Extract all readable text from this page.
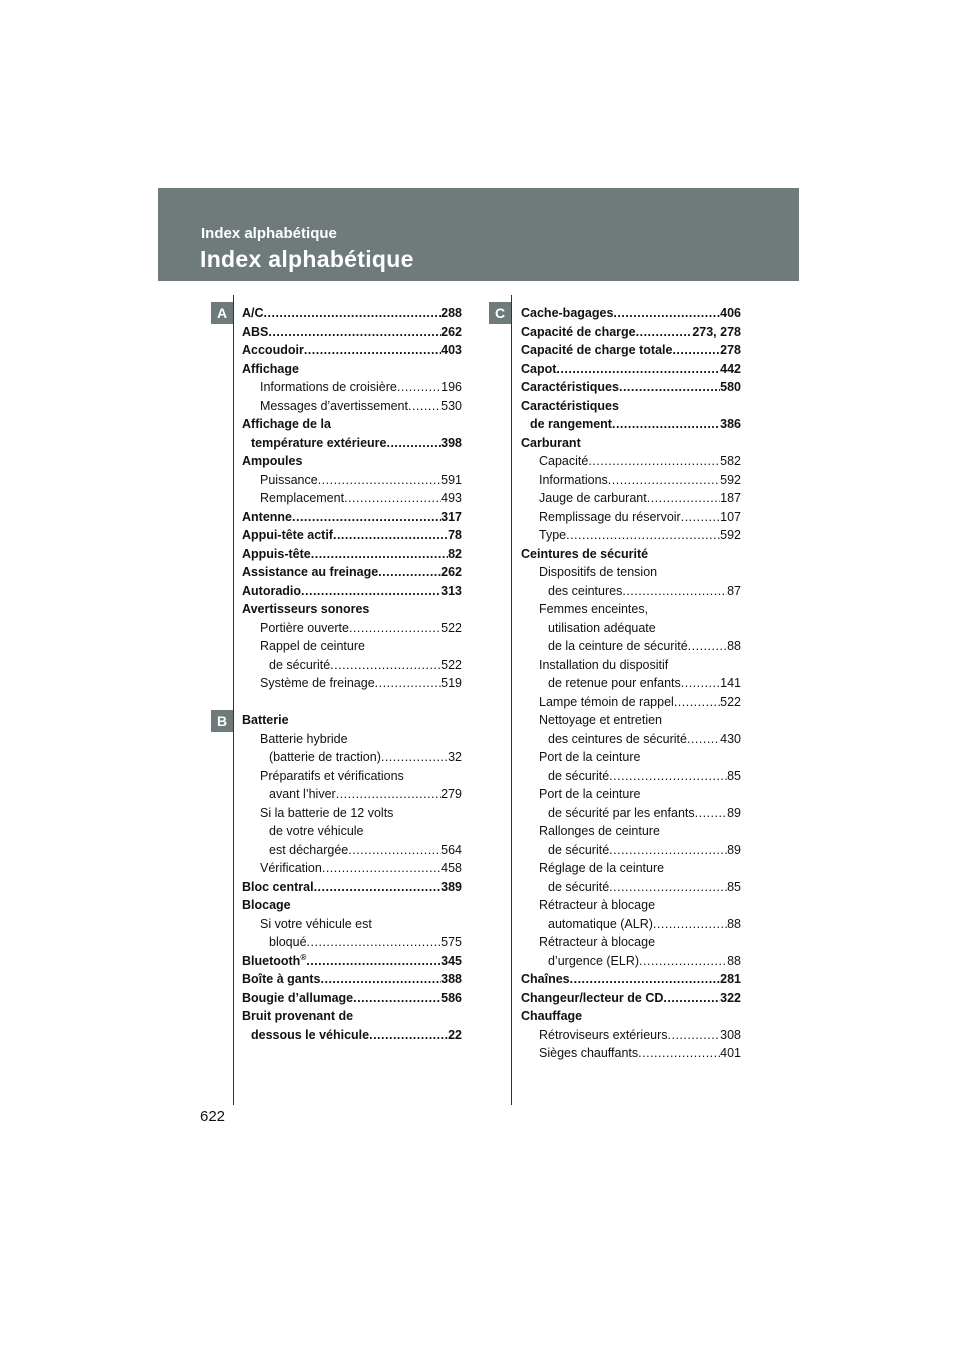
Index alphabétique
Index alphabétique
A
B
C
A/C .....	288
ABS .....	262
Accoudoir .....	403
Affichage
Informations de croisière .....	196
Messages d’avertissement .....	530
Affichage de la
température extérieure .....	398
Ampoules
Puissance .....	591
Remplacement .....	493
Antenne .....	317
Appui-tête actif .....	78
Appuis-tête .....	82
Assistance au freinage .....	262
Autoradio .....	313
Avertisseurs sonores
Portière ouverte .....	522
Rappel de ceinture
de sécurité .....	522
Système de freinage .....	519
Batterie
Batterie hybride
(batterie de traction) .....	32
Préparatifs et vérifications
avant l’hiver .....	279
Si la batterie de 12 volts
de votre véhicule
est déchargée .....	564
Vérification .....	458
Bloc central .....	389
Blocage
Si votre véhicule est
bloqué .....	575
Bluetooth® .....	345
Boîte à gants .....	388
Bougie d’allumage .....	586
Bruit provenant de
dessous le véhicule .....	22
Cache-bagages .....	406
Capacité de charge .....	273, 278
Capacité de charge totale .....	278
Capot .....	442
Caractéristiques .....	580
Caractéristiques
de rangement .....	386
Carburant
Capacité .....	582
Informations .....	592
Jauge de carburant .....	187
Remplissage du réservoir .....	107
Type .....	592
Ceintures de sécurité
Dispositifs de tension
des ceintures .....	87
Femmes enceintes,
utilisation adéquate
de la ceinture de sécurité .....	88
Installation du dispositif
de retenue pour enfants .....	141
Lampe témoin de rappel .....	522
Nettoyage et entretien
des ceintures de sécurité .....	430
Port de la ceinture
de sécurité .....	85
Port de la ceinture
de sécurité par les enfants .....	89
Rallonges de ceinture
de sécurité .....	89
Réglage de la ceinture
de sécurité .....	85
Rétracteur à blocage
automatique (ALR) .....	88
Rétracteur à blocage
d’urgence (ELR) .....	88
Chaînes .....	281
Changeur/lecteur de CD .....	322
Chauffage
Rétroviseurs extérieurs .....	308
Sièges chauffants .....	401
622
